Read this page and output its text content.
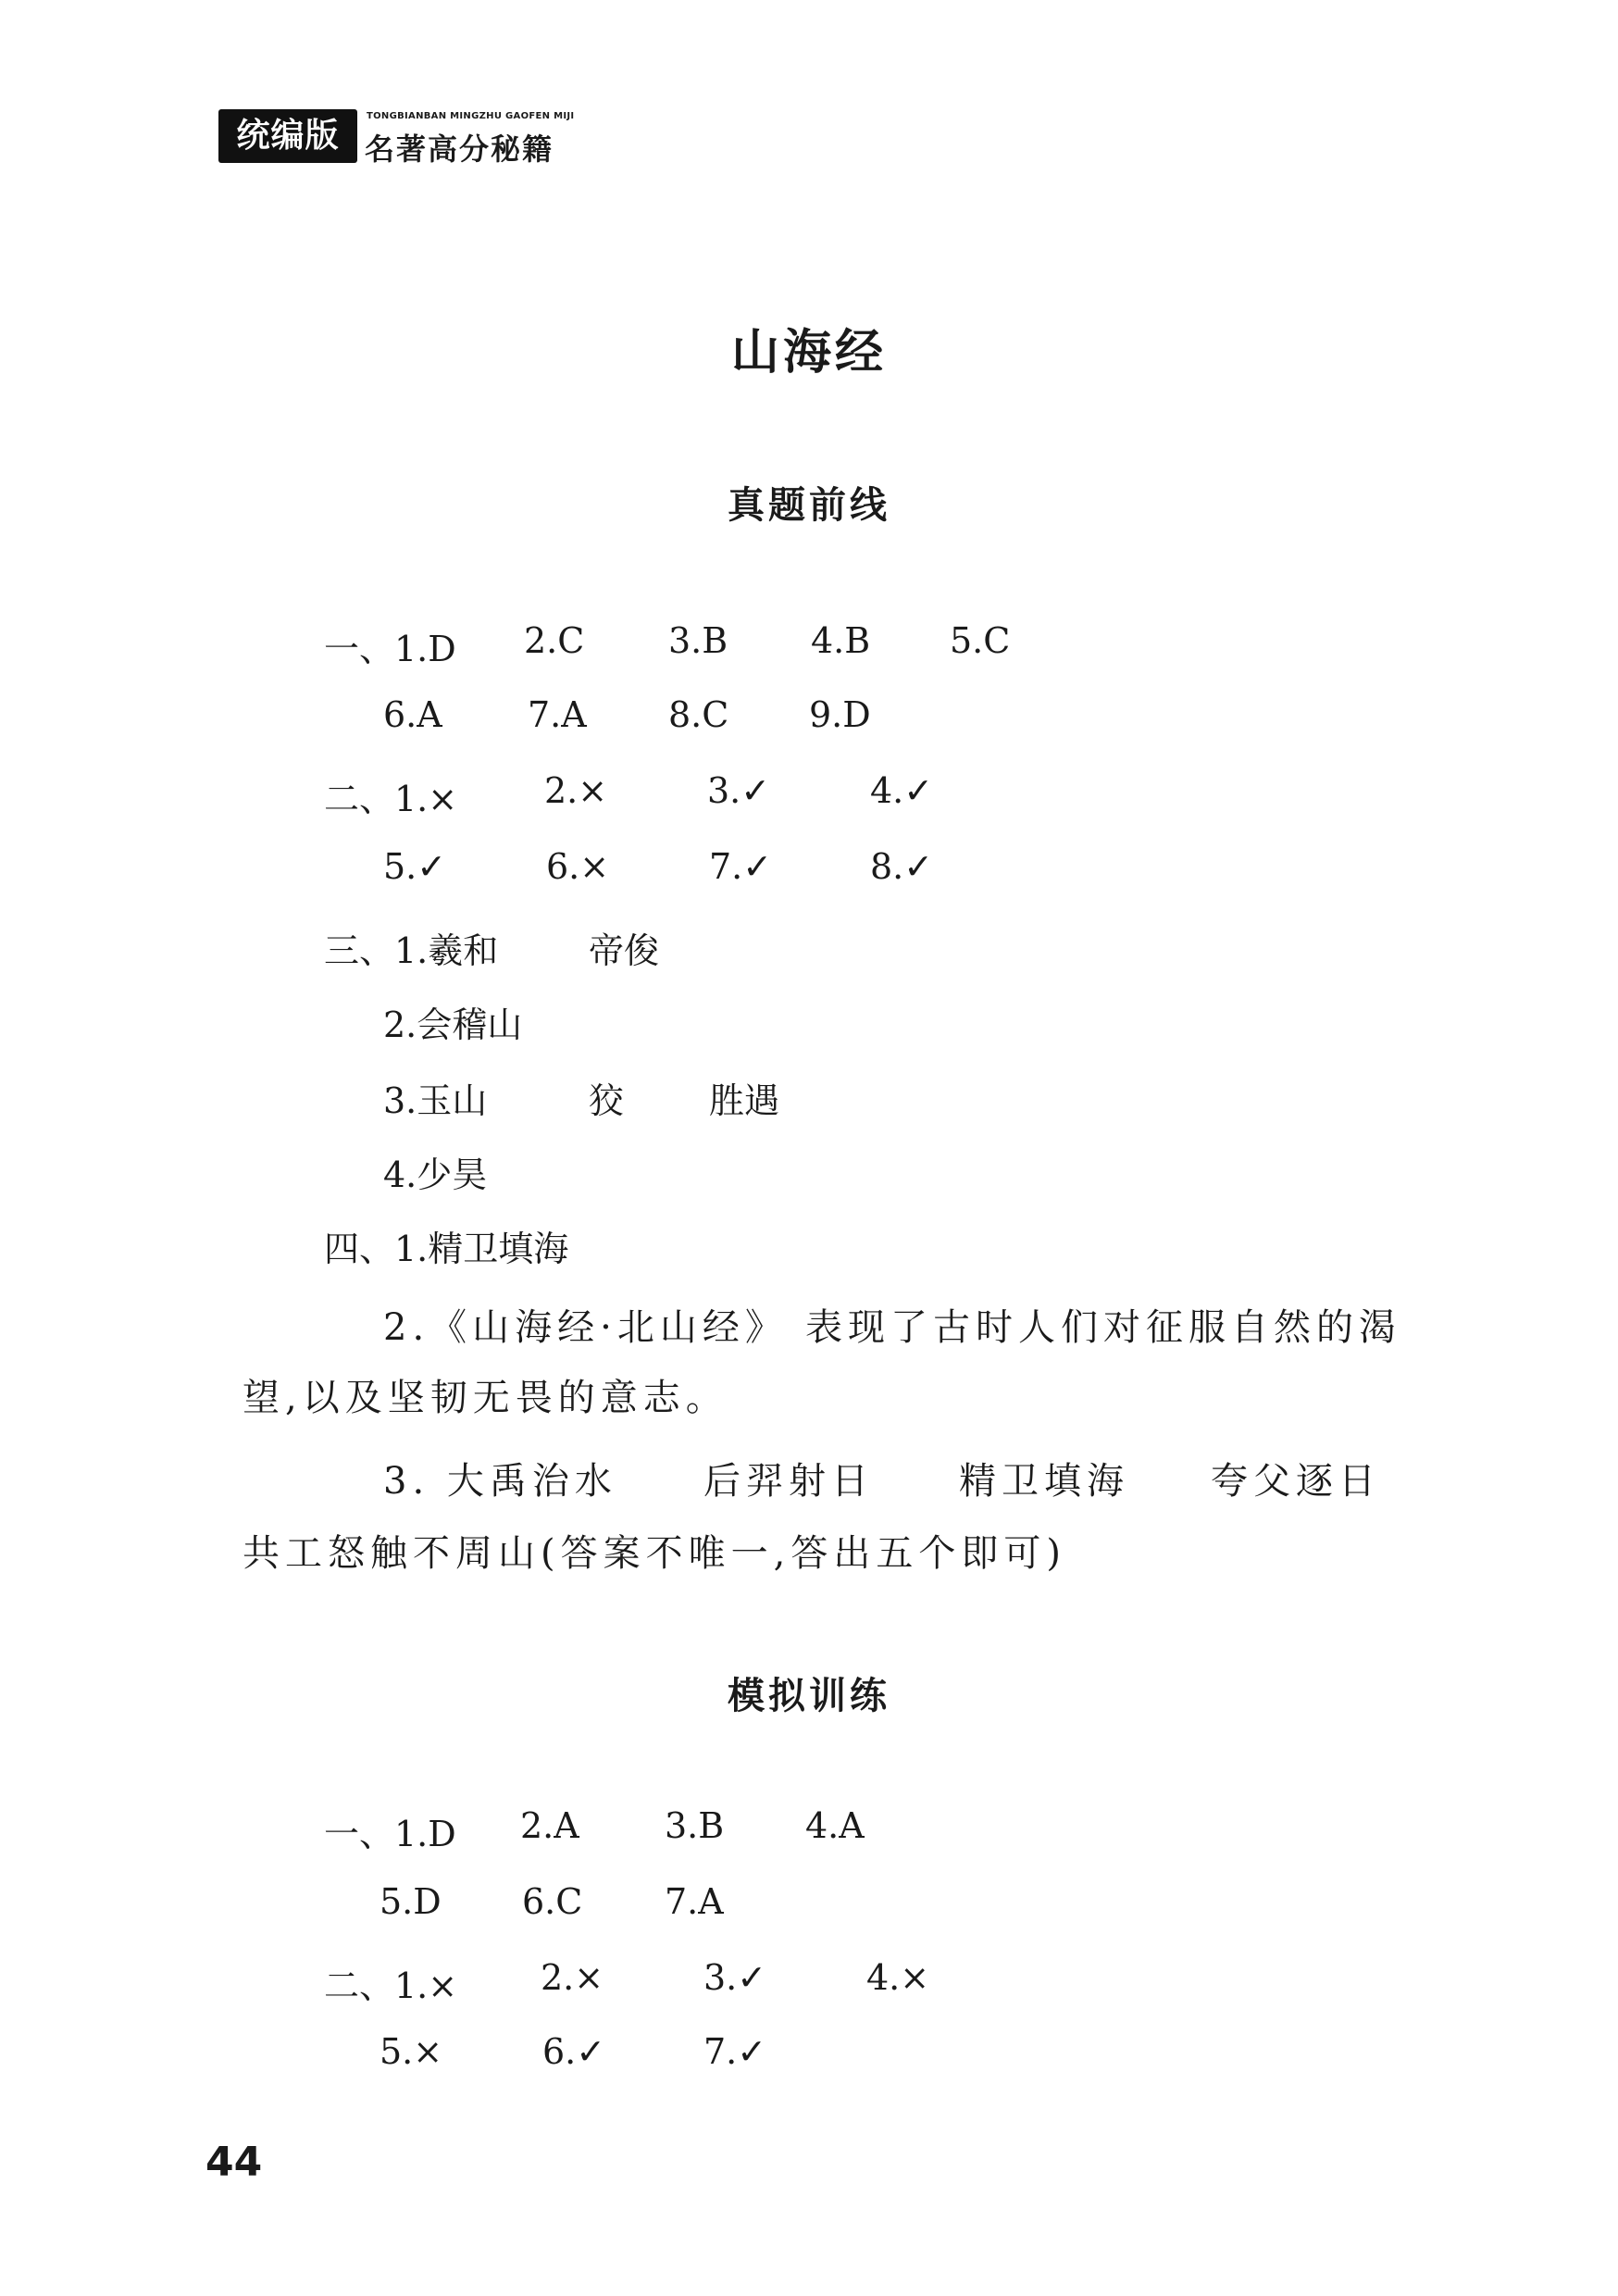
统编版
TONGBIANBAN MINGZHU GAOFEN MIJI
名著高分秘籍
山海经
真题前线
一、1.D 2.C 3.B 4.B 5.C
6.A 7.A 8.C 9.D
二、1.× 2.×	3.✓	4.✓
5.✓	6.×	7.✓	8.✓
三、1.羲和	帝俊
2.会稽山
3.玉山	狡 胜遇
4.少昊
四、1.精卫填海
2.《山海经·北山经》 表现了古时人们对征服自然的渴
望,以及坚韧无畏的意志。
3. 大禹治水 后羿射日 精卫填海 夸父逐日
共工怒触不周山(答案不唯一,答出五个即可)
模拟训练
一、1.D 2.A 3.B 4.A
5.D 6.C 7.A
二、1.× 2.×	3.✓	4.×
5.×	6.✓	7.✓
44
